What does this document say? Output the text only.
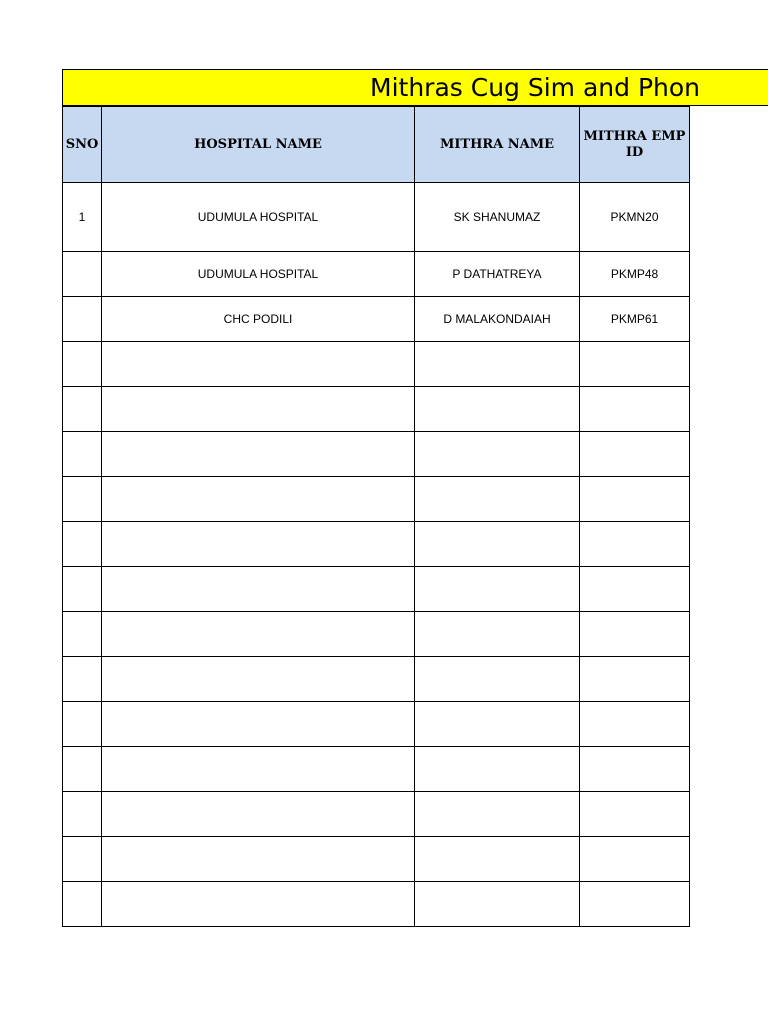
Mithras Cug Sim and Phon
SNO	HOSPITAL NAME	MITHRA NAME	MITHRA EMP ID
1	UDUMULA HOSPITAL	SK SHANUMAZ	PKMN20
	UDUMULA HOSPITAL	P DATHATREYA	PKMP48
	CHC PODILI	D MALAKONDAIAH	PKMP61
